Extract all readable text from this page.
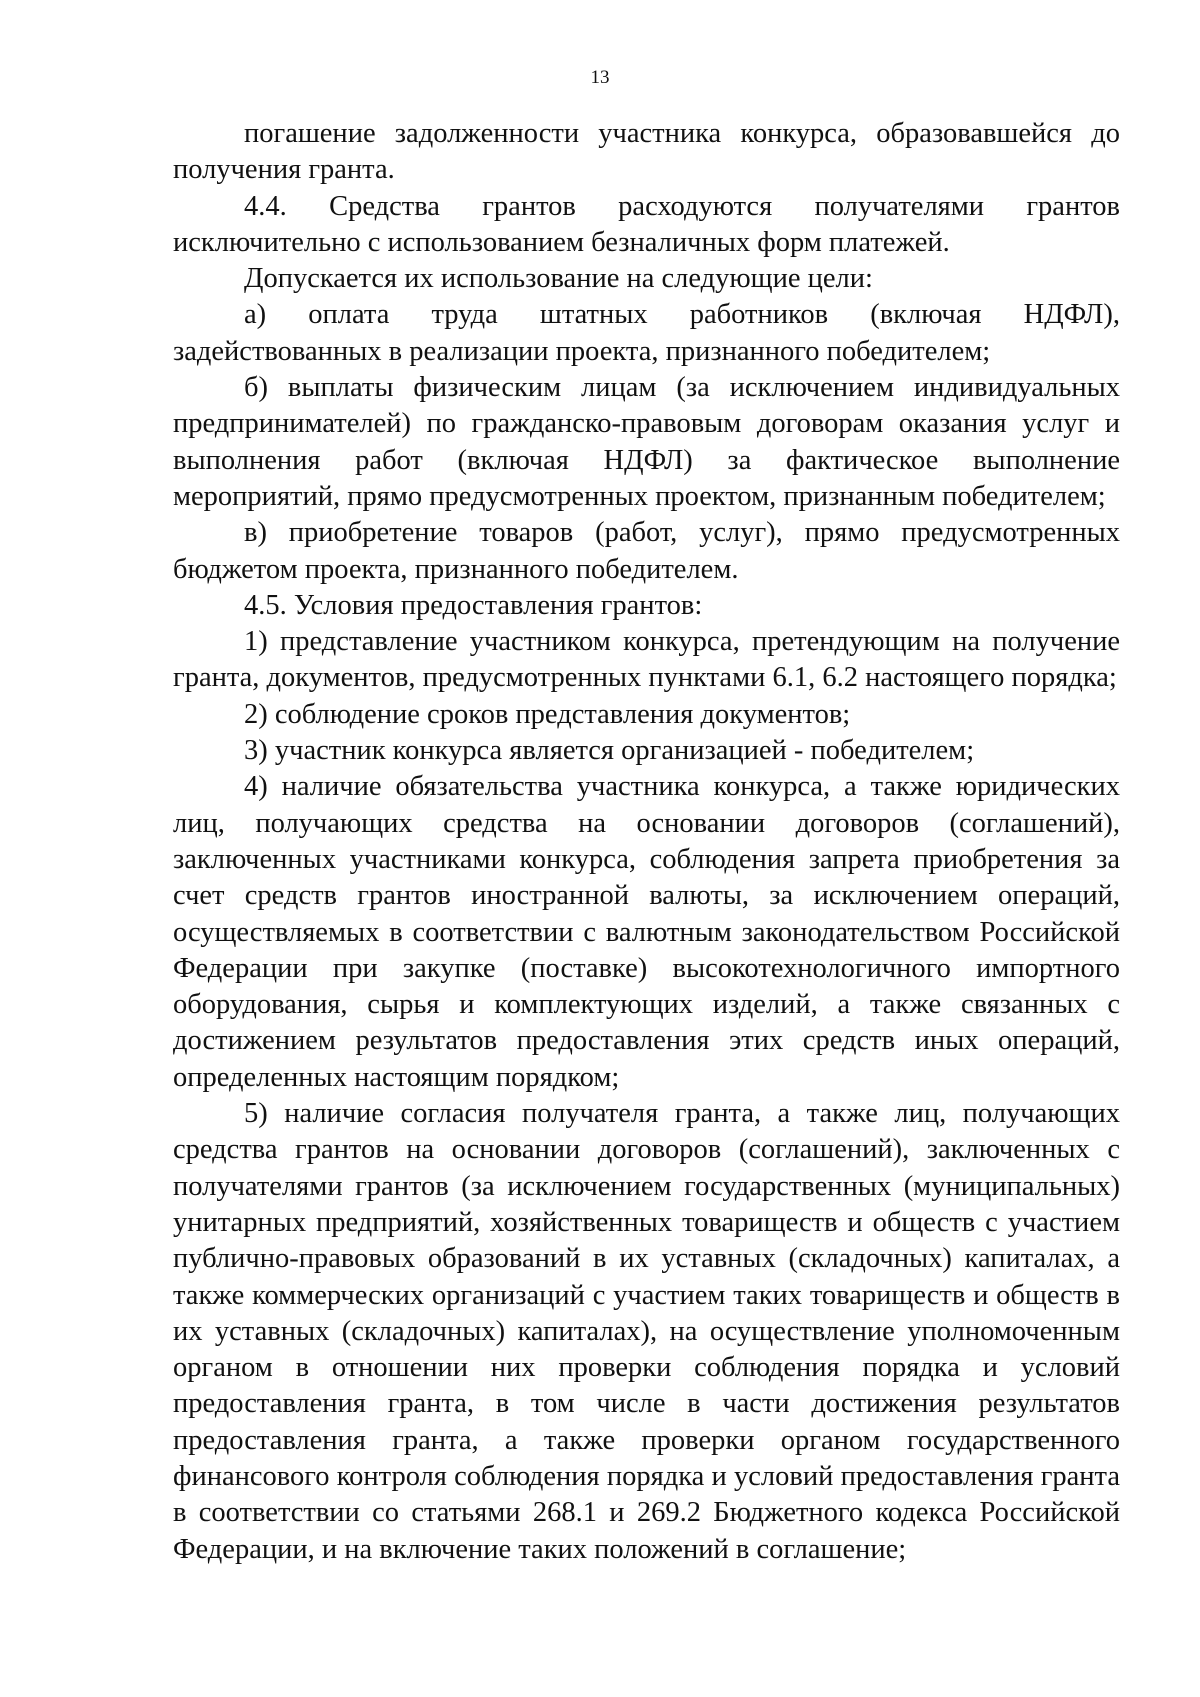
13

погашение задолженности участника конкурса, образовавшейся до получения гранта.

4.4. Средства грантов расходуются получателями грантов исключительно с использованием безналичных форм платежей.

Допускается их использование на следующие цели:

а) оплата труда штатных работников (включая НДФЛ), задействованных в реализации проекта, признанного победителем;

б) выплаты физическим лицам (за исключением индивидуальных предпринимателей) по гражданско-правовым договорам оказания услуг и выполнения работ (включая НДФЛ) за фактическое выполнение мероприятий, прямо предусмотренных проектом, признанным победителем;

в) приобретение товаров (работ, услуг), прямо предусмотренных бюджетом проекта, признанного победителем.

4.5. Условия предоставления грантов:

1) представление участником конкурса, претендующим на получение гранта, документов, предусмотренных пунктами 6.1, 6.2 настоящего порядка;

2) соблюдение сроков представления документов;

3) участник конкурса является организацией - победителем;

4) наличие обязательства участника конкурса, а также юридических лиц, получающих средства на основании договоров (соглашений), заключенных участниками конкурса, соблюдения запрета приобретения за счет средств грантов иностранной валюты, за исключением операций, осуществляемых в соответствии с валютным законодательством Российской Федерации при закупке (поставке) высокотехнологичного импортного оборудования, сырья и комплектующих изделий, а также связанных с достижением результатов предоставления этих средств иных операций, определенных настоящим порядком;

5) наличие согласия получателя гранта, а также лиц, получающих средства грантов на основании договоров (соглашений), заключенных с получателями грантов (за исключением государственных (муниципальных) унитарных предприятий, хозяйственных товариществ и обществ с участием публично-правовых образований в их уставных (складочных) капиталах, а также коммерческих организаций с участием таких товариществ и обществ в их уставных (складочных) капиталах), на осуществление уполномоченным органом в отношении них проверки соблюдения порядка и условий предоставления гранта, в том числе в части достижения результатов предоставления гранта, а также проверки органом государственного финансового контроля соблюдения порядка и условий предоставления гранта в соответствии со статьями 268.1 и 269.2 Бюджетного кодекса Российской Федерации, и на включение таких положений в соглашение;
